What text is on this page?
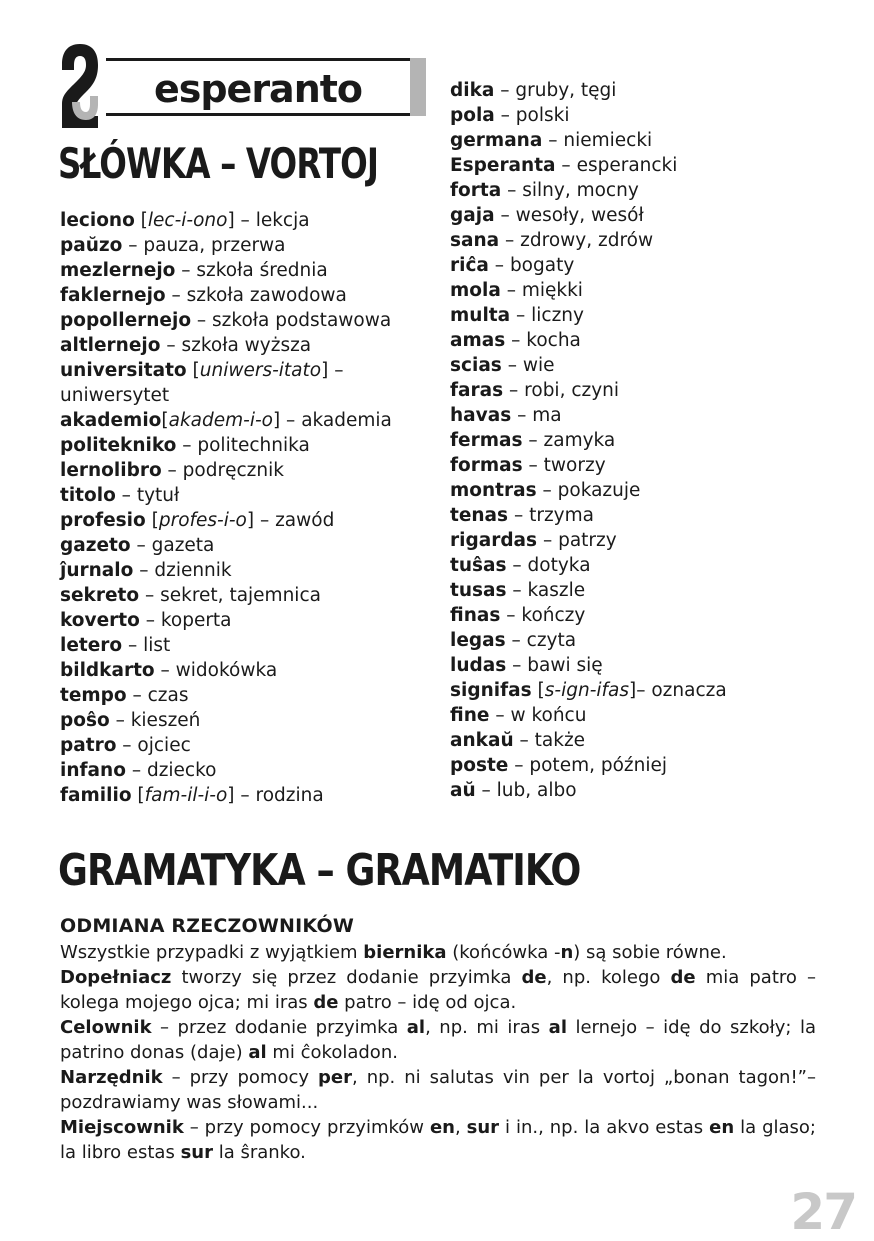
esperanto
SŁÓWKA – VORTOJ
leciono [lec-i-ono] – lekcja
paŭzo – pauza, przerwa
mezlernejo – szkoła średnia
faklernejo – szkoła zawodowa
popollernejo – szkoła podstawowa
altlernejo – szkoła wyższa
universitato [uniwers-itato] – uniwersytet
akademio[akadem-i-o] – akademia
politekniko – politechnika
lernolibro – podręcznik
titolo – tytuł
profesio [profes-i-o] – zawód
gazeto – gazeta
ĵurnalo – dziennik
sekreto – sekret, tajemnica
koverto – koperta
letero – list
bildkarto – widokówka
tempo – czas
poŝo – kieszeń
patro – ojciec
infano – dziecko
familio [fam-il-i-o] – rodzina
dika – gruby, tęgi
pola – polski
germana – niemiecki
Esperanta – esperancki
forta – silny, mocny
gaja – wesoły, wesół
sana – zdrowy, zdrów
riĉa – bogaty
mola – miękki
multa – liczny
amas – kocha
scias – wie
faras – robi, czyni
havas – ma
fermas – zamyka
formas – tworzy
montras – pokazuje
tenas – trzyma
rigardas – patrzy
tuŝas – dotyka
tusas – kaszle
finas – kończy
legas – czyta
ludas – bawi się
signifas [s-ign-ifas]– oznacza
fine – w końcu
ankaŭ – także
poste – potem, później
aŭ – lub, albo
GRAMATYKA – GRAMATIKO
ODMIANA RZECZOWNIKÓW

Wszystkie przypadki z wyjątkiem biernika (końcówka -n) są sobie równe.

Dopełniacz tworzy się przez dodanie przyimka de, np. kolego de mia patro – kolega mojego ojca; mi iras de patro – idę od ojca.

Celownik – przez dodanie przyimka al, np. mi iras al lernejo – idę do szkoły; la patrino donas (daje) al mi ĉokoladon.

Narzędnik – przy pomocy per, np. ni salutas vin per la vortoj „bonan tagon!”– pozdrawiamy was słowami...

Miejscownik – przy pomocy przyimków en, sur i in., np. la akvo estas en la glaso; la libro estas sur la ŝranko.

27
